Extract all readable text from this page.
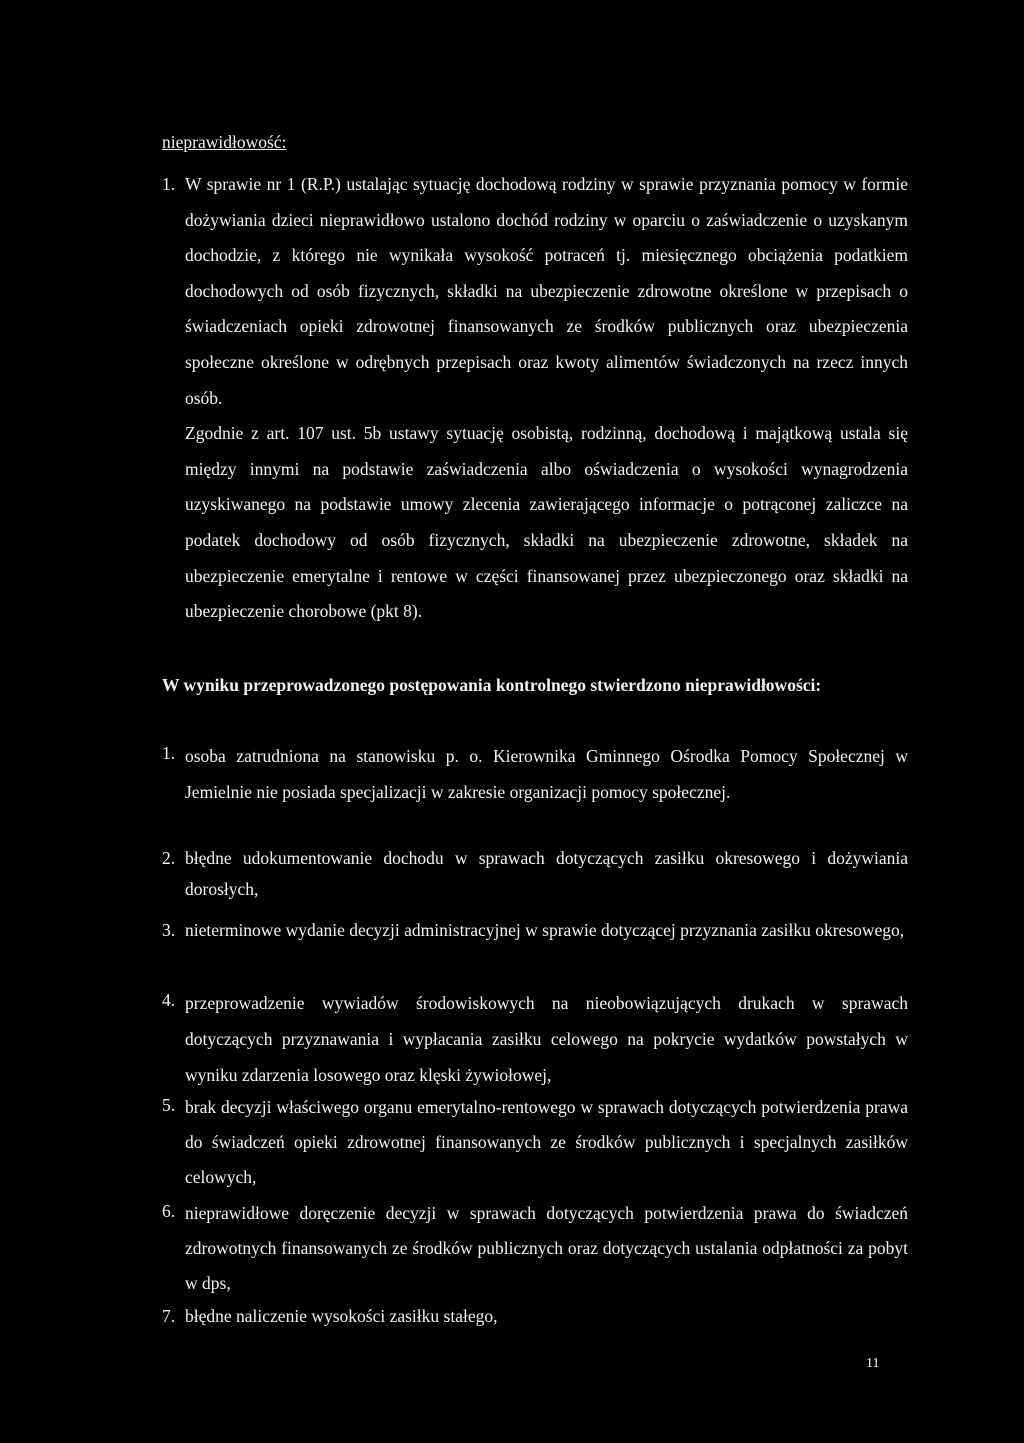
nieprawidłowość:

1. W sprawie nr 1 (R.P.) ustalając sytuację dochodową rodziny w sprawie przyznania pomocy w formie dożywiania dzieci nieprawidłowo ustalono dochód rodziny w oparciu o zaświadczenie o uzyskanym dochodzie, z którego nie wynikała wysokość potraceń tj. miesięcznego obciążenia podatkiem dochodowych od osób fizycznych, składki na ubezpieczenie zdrowotne określone w przepisach o świadczeniach opieki zdrowotnej finansowanych ze środków publicznych oraz ubezpieczenia społeczne określone w odrębnych przepisach oraz kwoty alimentów świadczonych na rzecz innych osób.

Zgodnie z art. 107 ust. 5b ustawy sytuację osobistą, rodzinną, dochodową i majątkową ustala się między innymi na podstawie zaświadczenia albo oświadczenia o wysokości wynagrodzenia uzyskiwanego na podstawie umowy zlecenia zawierającego informacje o potrąconej zaliczce na podatek dochodowy od osób fizycznych, składki na ubezpieczenie zdrowotne, składek na ubezpieczenie emerytalne i rentowe w części finansowanej przez ubezpieczonego oraz składki na ubezpieczenie chorobowe (pkt 8).

W wyniku przeprowadzonego postępowania kontrolnego stwierdzono nieprawidłowości:

1. osoba zatrudniona na stanowisku p. o. Kierownika Gminnego Ośrodka Pomocy Społecznej w Jemielnie nie posiada specjalizacji w zakresie organizacji pomocy społecznej.
2. błędne udokumentowanie dochodu w sprawach dotyczących zasiłku okresowego i dożywiania dorosłych,
3. nieterminowe wydanie decyzji administracyjnej w sprawie dotyczącej przyznania zasiłku okresowego,
4. przeprowadzenie wywiadów środowiskowych na nieobowiązujących drukach w sprawach dotyczących przyznawania i wypłacania zasiłku celowego na pokrycie wydatków powstałych w wyniku zdarzenia losowego oraz klęski żywiołowej,
5. brak decyzji właściwego organu emerytalno-rentowego w sprawach dotyczących potwierdzenia prawa do świadczeń opieki zdrowotnej finansowanych ze środków publicznych i specjalnych zasiłków celowych,
6. nieprawidłowe doręczenie decyzji w sprawach dotyczących potwierdzenia prawa do świadczeń zdrowotnych finansowanych ze środków publicznych oraz dotyczących ustalania odpłatności za pobyt w dps,
7. błędne naliczenie wysokości zasiłku stałego,
11
